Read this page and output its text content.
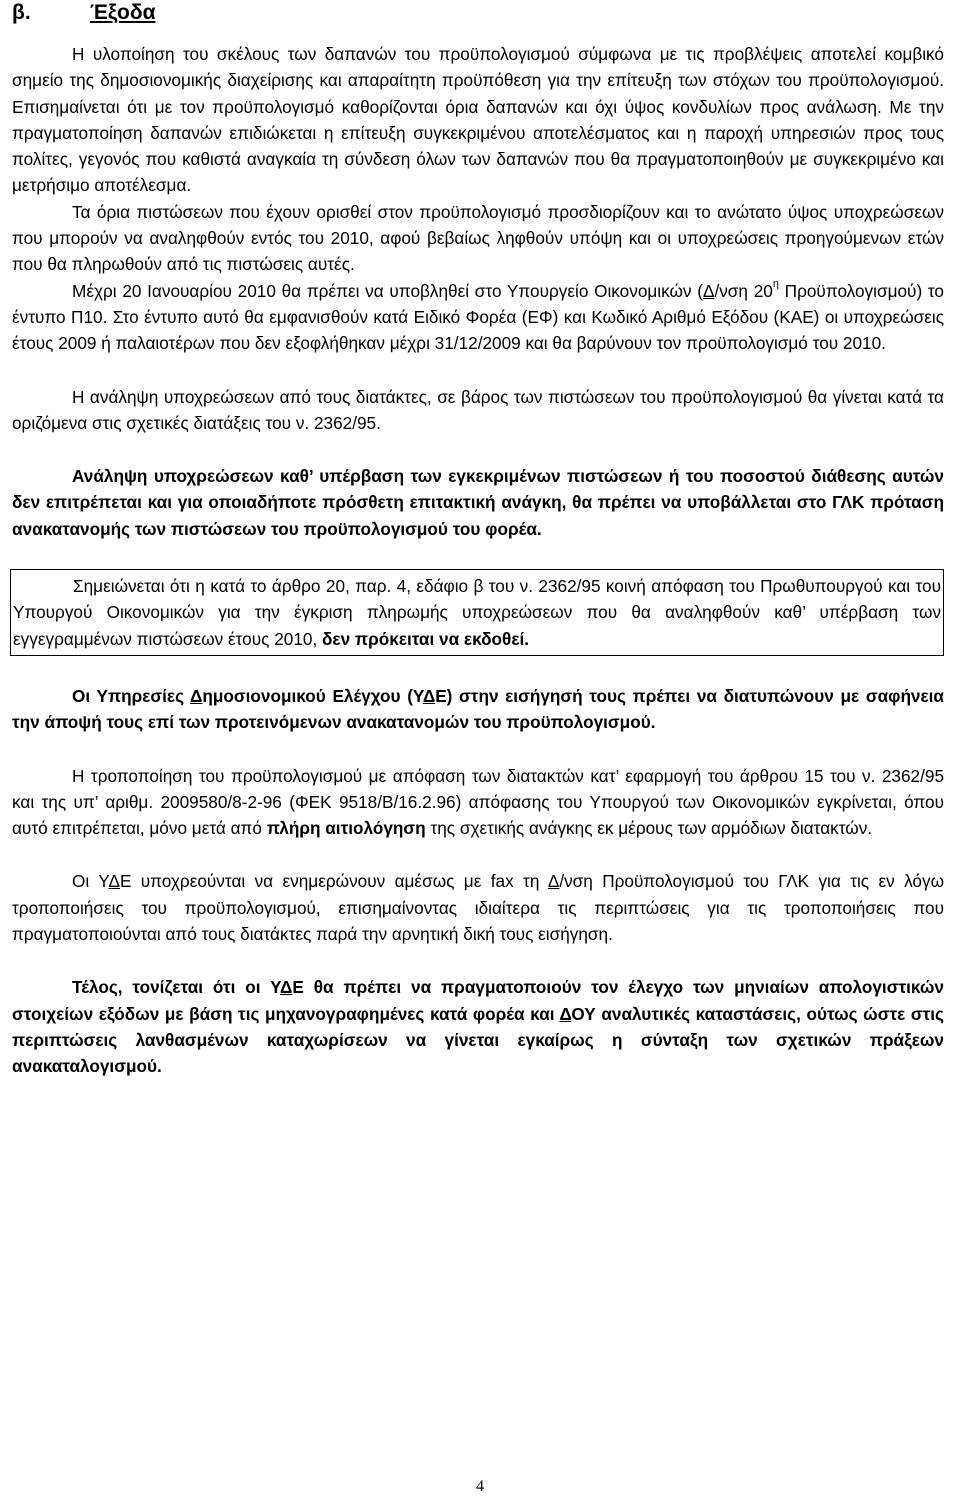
β.	Έξοδα

Η υλοποίηση του σκέλους των δαπανών του προϋπολογισμού σύμφωνα με τις προβλέψεις αποτελεί κομβικό σημείο της δημοσιονομικής διαχείρισης και απαραίτητη προϋπόθεση για την επίτευξη των στόχων του προϋπολογισμού. Επισημαίνεται ότι με τον προϋπολογισμό καθορίζονται όρια δαπανών και όχι ύψος κονδυλίων προς ανάλωση. Με την πραγματοποίηση δαπανών επιδιώκεται η επίτευξη συγκεκριμένου αποτελέσματος και η παροχή υπηρεσιών προς τους πολίτες, γεγονός που καθιστά αναγκαία τη σύνδεση όλων των δαπανών που θα πραγματοποιηθούν με συγκεκριμένο και μετρήσιμο αποτέλεσμα.

Τα όρια πιστώσεων που έχουν ορισθεί στον προϋπολογισμό προσδιορίζουν και το ανώτατο ύψος υποχρεώσεων που μπορούν να αναληφθούν εντός του 2010, αφού βεβαίως ληφθούν υπόψη και οι υποχρεώσεις προηγούμενων ετών που θα πληρωθούν από τις πιστώσεις αυτές.

Μέχρι 20 Ιανουαρίου 2010 θα πρέπει να υποβληθεί στο Υπουργείο Οικονομικών (Δ/νση $20^\eta$ Προϋπολογισμού) το έντυπο Π10. Στο έντυπο αυτό θα εμφανισθούν κατά Ειδικό Φορέα (ΕΦ) και Κωδικό Αριθμό Εξόδου (ΚΑΕ) οι υποχρεώσεις έτους 2009 ή παλαιοτέρων που δεν εξοφλήθηκαν μέχρι 31/12/2009 και θα βαρύνουν τον προϋπολογισμό του 2010.

Η ανάληψη υποχρεώσεων από τους διατάκτες, σε βάρος των πιστώσεων του προϋπολογισμού θα γίνεται κατά τα οριζόμενα στις σχετικές διατάξεις του ν. 2362/95.

Ανάληψη υποχρεώσεων καθ’ υπέρβαση των εγκεκριμένων πιστώσεων ή του ποσοστού διάθεσης αυτών δεν επιτρέπεται και για οποιαδήποτε πρόσθετη επιτακτική ανάγκη, θα πρέπει να υποβάλλεται στο ΓΛΚ πρόταση ανακατανομής των πιστώσεων του προϋπολογισμού του φορέα.

Σημειώνεται ότι η κατά το άρθρο 20, παρ. 4, εδάφιο β του ν. 2362/95 κοινή απόφαση του Πρωθυπουργού και του Υπουργού Οικονομικών για την έγκριση πληρωμής υποχρεώσεων που θα αναληφθούν καθ’ υπέρβαση των εγγεγραμμένων πιστώσεων έτους 2010, δεν πρόκειται να εκδοθεί.

Οι Υπηρεσίες Δημοσιονομικού Ελέγχου (ΥΔΕ) στην εισήγησή τους πρέπει να διατυπώνουν με σαφήνεια την άποψή τους επί των προτεινόμενων ανακατανομών του προϋπολογισμού.

Η τροποποίηση του προϋπολογισμού με απόφαση των διατακτών κατ’ εφαρμογή του άρθρου 15 του ν. 2362/95 και της υπ’ αριθμ. 2009580/8-2-96 (ΦΕΚ 9518/Β/16.2.96) απόφασης του Υπουργού των Οικονομικών εγκρίνεται, όπου αυτό επιτρέπεται, μόνο μετά από πλήρη αιτιολόγηση της σχετικής ανάγκης εκ μέρους των αρμόδιων διατακτών.

Οι ΥΔΕ υποχρεούνται να ενημερώνουν αμέσως με fax τη Δ/νση Προϋπολογισμού του ΓΛΚ για τις εν λόγω τροποποιήσεις του προϋπολογισμού, επισημαίνοντας ιδιαίτερα τις περιπτώσεις για τις τροποποιήσεις που πραγματοποιούνται από τους διατάκτες παρά την αρνητική δική τους εισήγηση.

Τέλος, τονίζεται ότι οι ΥΔΕ θα πρέπει να πραγματοποιούν τον έλεγχο των μηνιαίων απολογιστικών στοιχείων εξόδων με βάση τις μηχανογραφημένες κατά φορέα και ΔΟΥ αναλυτικές καταστάσεις, ούτως ώστε στις περιπτώσεις λανθασμένων καταχωρίσεων να γίνεται εγκαίρως η σύνταξη των σχετικών πράξεων ανακαταλογισμού.

4
